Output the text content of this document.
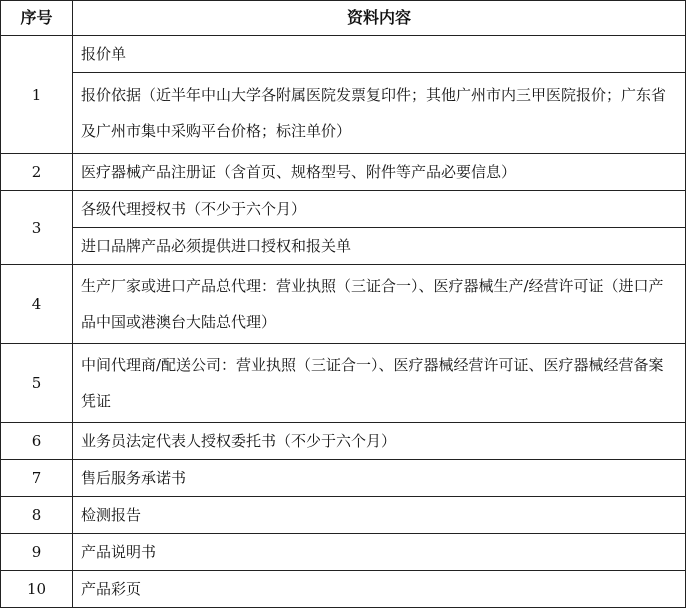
序号	资料内容
1	报价单
	报价依据（近半年中山大学各附属医院发票复印件；其他广州市内三甲医院报价；广东省及广州市集中采购平台价格；标注单价）
2	医疗器械产品注册证（含首页、规格型号、附件等产品必要信息）
3	各级代理授权书（不少于六个月）
	进口品牌产品必须提供进口授权和报关单
4	生产厂家或进口产品总代理：营业执照（三证合一）、医疗器械生产/经营许可证（进口产品中国或港澳台大陆总代理）
5	中间代理商/配送公司：营业执照（三证合一）、医疗器械经营许可证、医疗器械经营备案凭证
6	业务员法定代表人授权委托书（不少于六个月）
7	售后服务承诺书
8	检测报告
9	产品说明书
10	产品彩页
